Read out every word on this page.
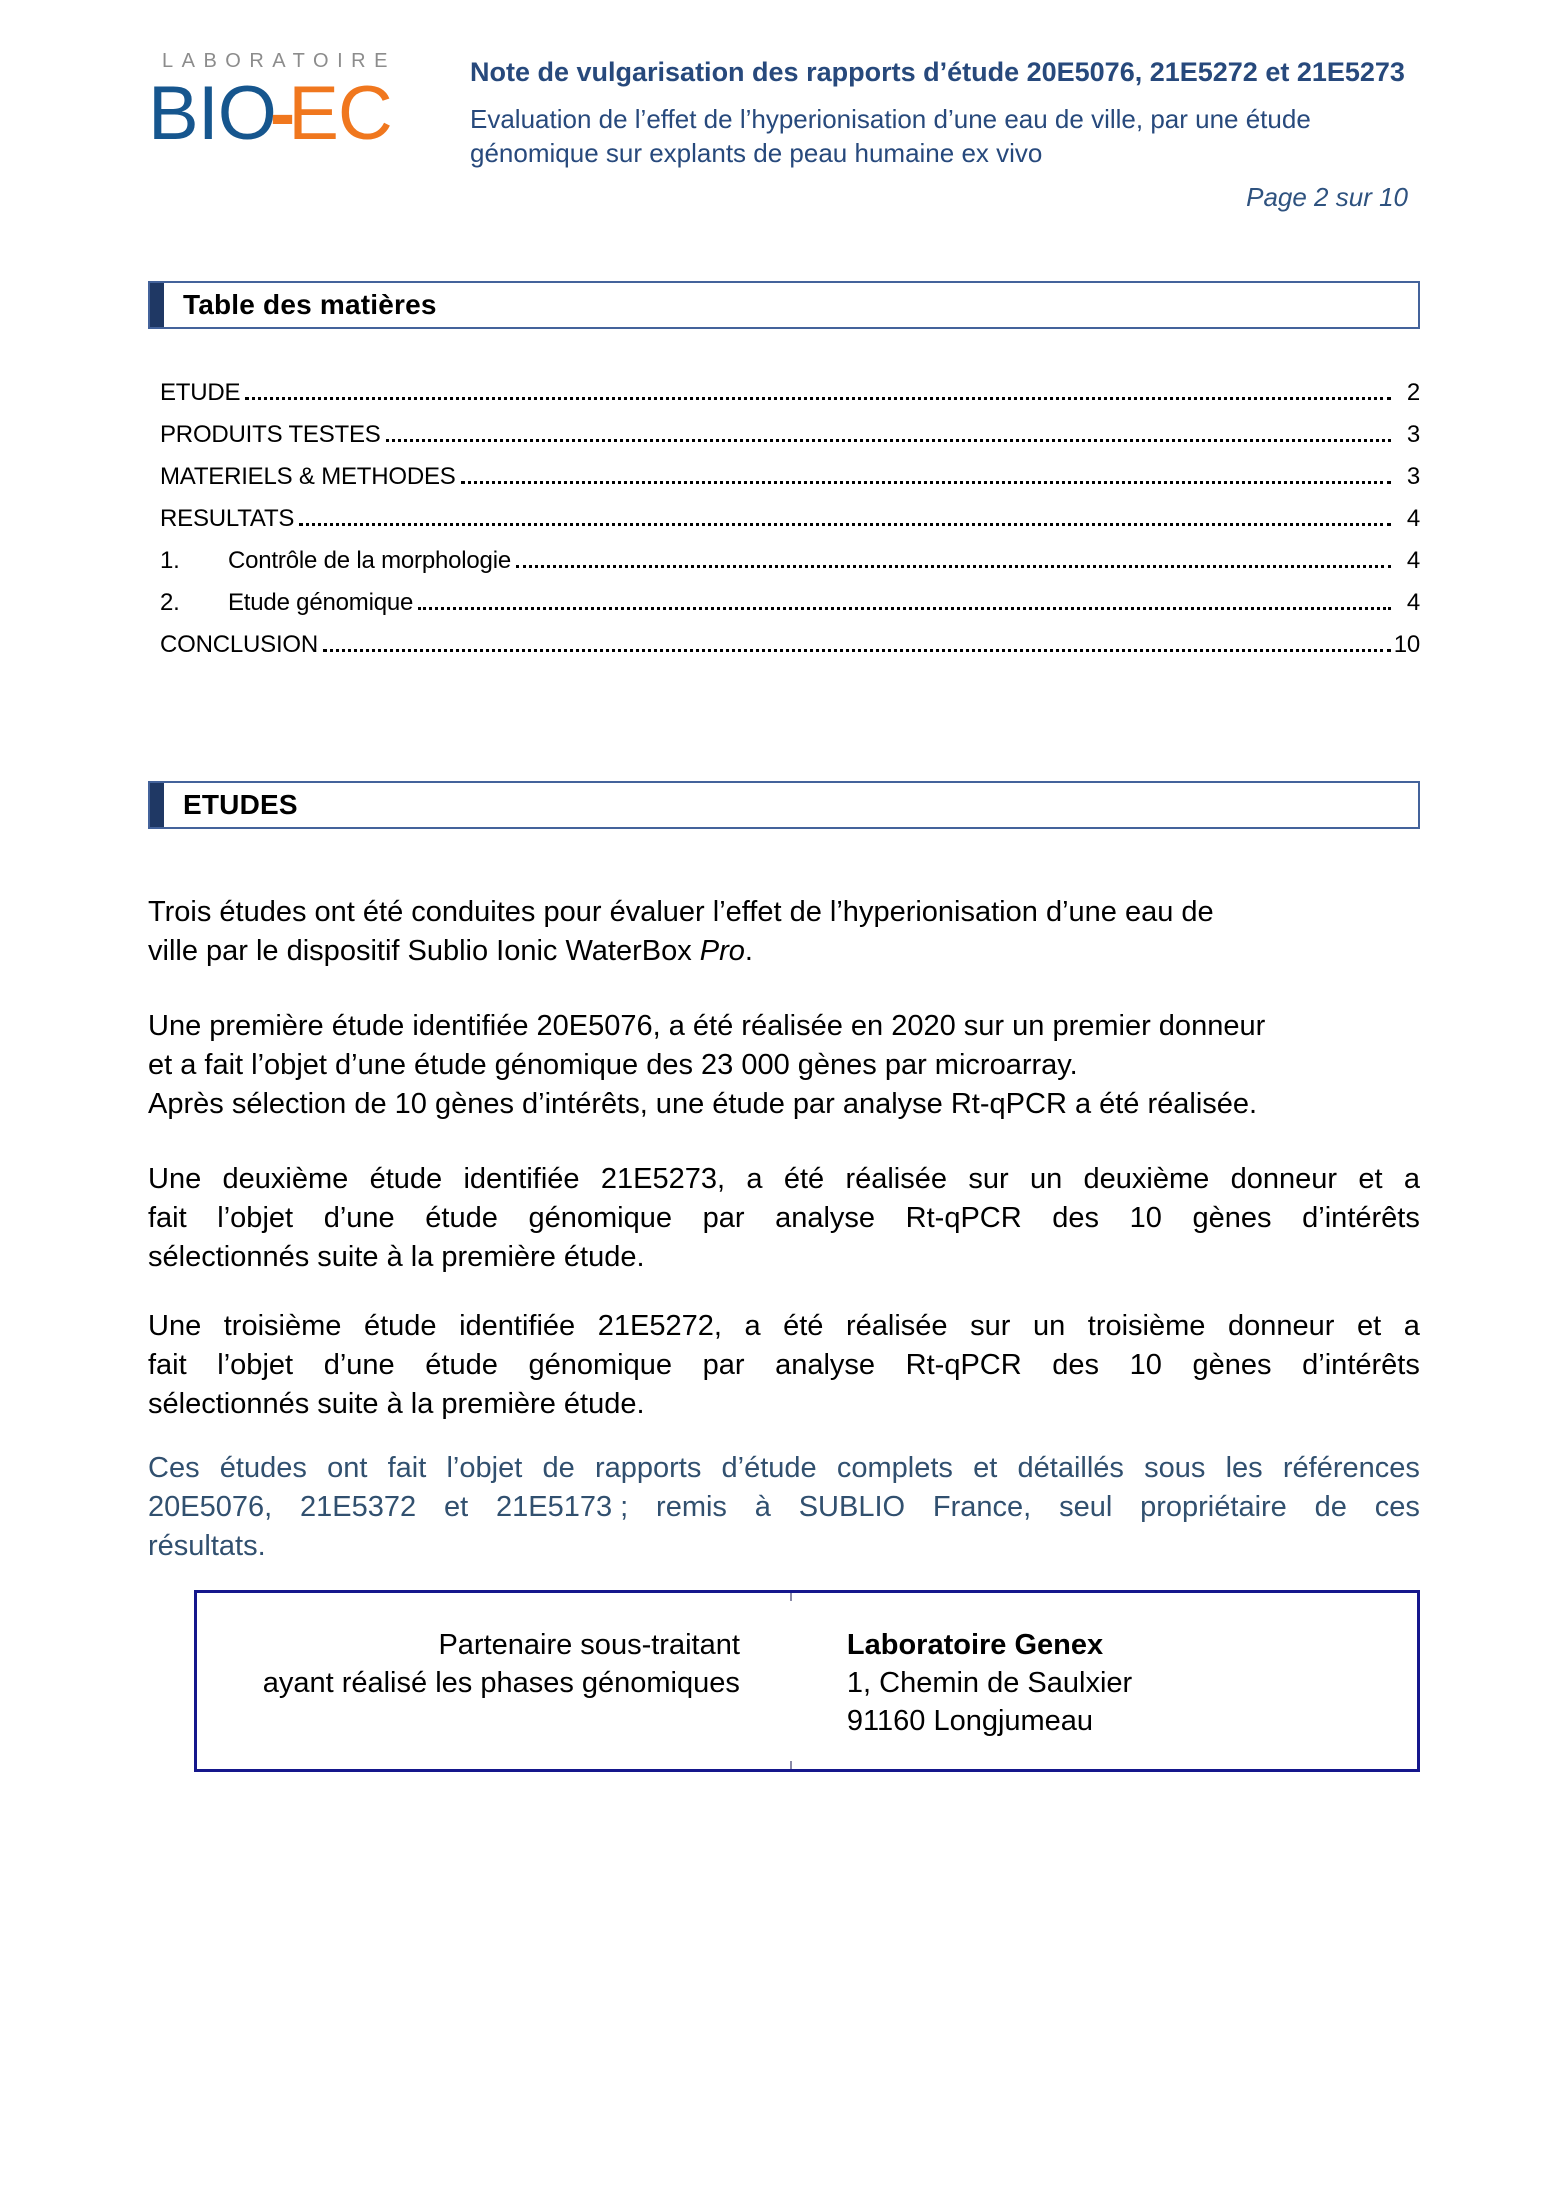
LABORATOIRE
BIO-EC	Note de vulgarisation des rapports d’étude 20E5076, 21E5272 et 21E5273
Evaluation de l’effet de l’hyperionisation d’une eau de ville, par une étude
génomique sur explants de peau humaine ex vivo
Page 2 sur 10
Table des matières
ETUDE	2
PRODUITS TESTES	3
MATERIELS & METHODES	3
RESULTATS	4
1.	Contrôle de la morphologie	4
2.	Etude génomique	4
CONCLUSION	10
ETUDES
Trois études ont été conduites pour évaluer l’effet de l’hyperionisation d’une eau de
ville par le dispositif Sublio Ionic WaterBox Pro.
Une première étude identifiée 20E5076, a été réalisée en 2020 sur un premier donneur
et a fait l’objet d’une étude génomique des 23 000 gènes par microarray.
Après sélection de 10 gènes d’intérêts, une étude par analyse Rt-qPCR a été réalisée.
Une deuxième étude identifiée 21E5273, a été réalisée sur un deuxième donneur et a
fait l’objet d’une étude génomique par analyse Rt-qPCR des 10 gènes d’intérêts
sélectionnés suite à la première étude.
Une troisième étude identifiée 21E5272, a été réalisée sur un troisième donneur et a
fait l’objet d’une étude génomique par analyse Rt-qPCR des 10 gènes d’intérêts
sélectionnés suite à la première étude.
Ces études ont fait l’objet de rapports d’étude complets et détaillés sous les références
20E5076, 21E5372 et 21E5173 ; remis à SUBLIO France, seul propriétaire de ces
résultats.
Partenaire sous-traitant
ayant réalisé les phases génomiques
Laboratoire Genex
1, Chemin de Saulxier
91160 Longjumeau
